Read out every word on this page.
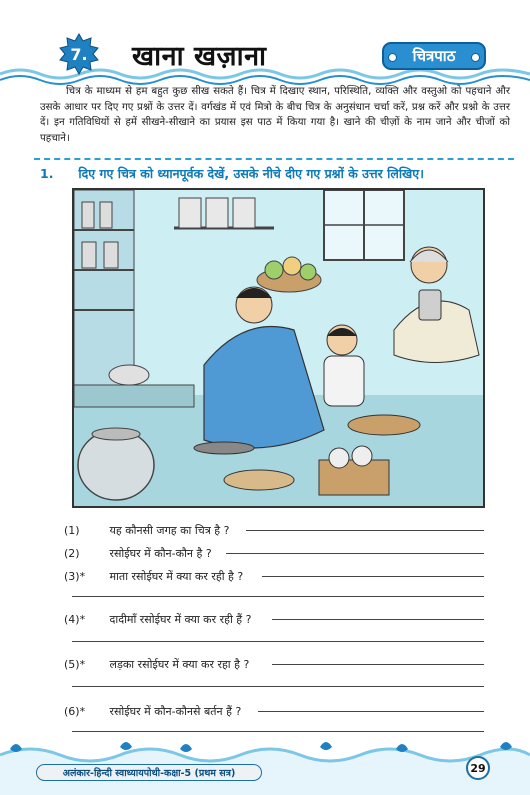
7.	खाना खज़ाना	चित्रपाठ
चित्र के माध्यम से हम बहुत कुछ सीख सकते हैं। चित्र में दिखाए स्थान, परिस्थिति, व्यक्ति और वस्तुओ को पहचाने और उसके आधार पर दिए गए प्रश्नों के उत्तर दें। वर्गखंड में एवं मित्रो के बीच चित्र के अनुसंधान चर्चा करें, प्रश्न करें और प्रश्नो के उत्तर दें। इन गतिविधियों से हमें सीखने-सीखाने का प्रयास इस पाठ में किया गया है। खाने की चीज़ों के नाम जाने और चीजों को पहचाने।
1. दिए गए चित्र को ध्यानपूर्वक देखें, उसके नीचे दीए गए प्रश्नों के उत्तर लिखिए।
(1)	यह कौनसी जगह का चित्र है ?
(2)	रसोईघर में कौन-कौन है ?
(3)* माता रसोईघर में क्या कर रही है ?
(4)* दादीमाँ रसोईघर में क्या कर रही हैं ?
(5)* लड़का रसोईघर में क्या कर रहा है ?
(6)* रसोईघर में कौन-कौनसे बर्तन हैं ?
अलंकार-हिन्दी स्वाध्यायपोथी-कक्षा-5 (प्रथम सत्र)	29
